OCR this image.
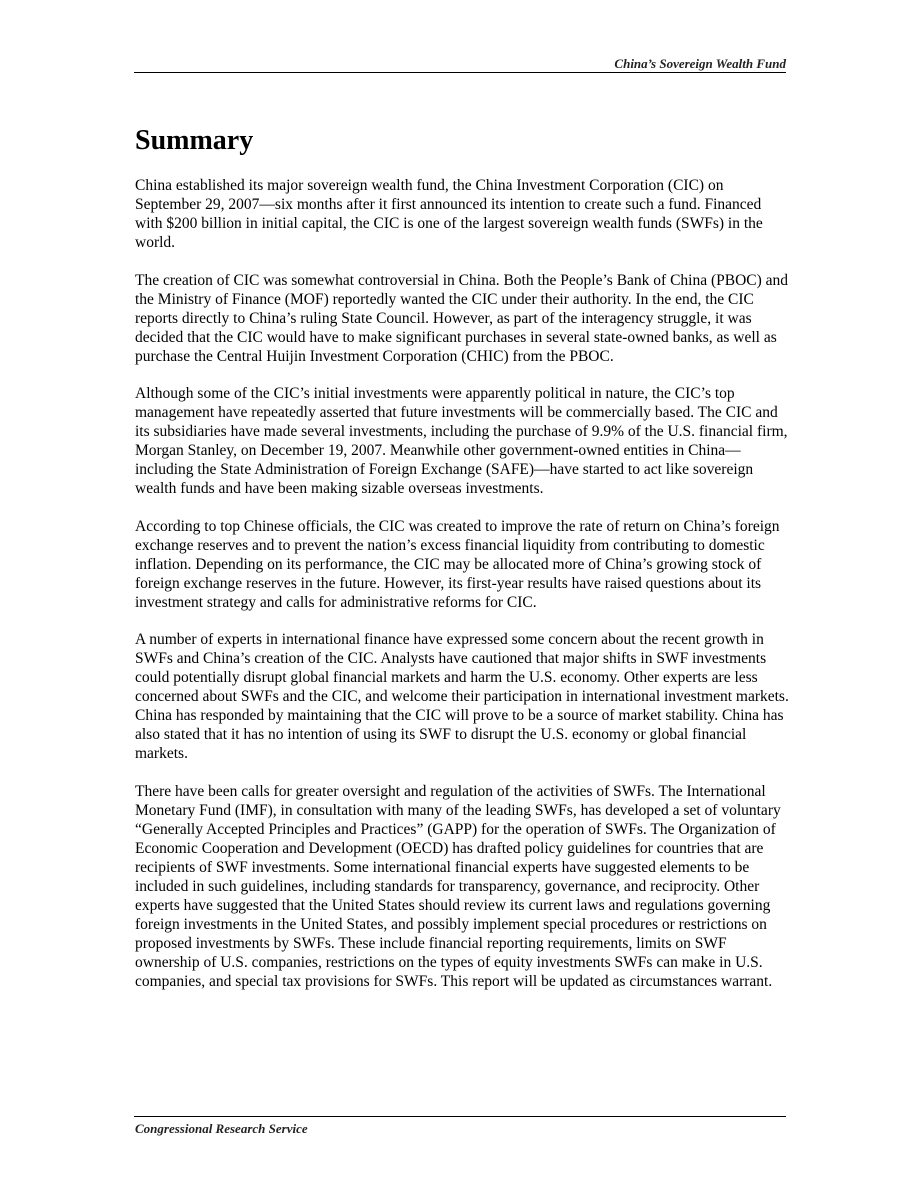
China’s Sovereign Wealth Fund
Summary

China established its major sovereign wealth fund, the China Investment Corporation (CIC) on September 29, 2007—six months after it first announced its intention to create such a fund. Financed with $200 billion in initial capital, the CIC is one of the largest sovereign wealth funds (SWFs) in the world.

The creation of CIC was somewhat controversial in China. Both the People’s Bank of China (PBOC) and the Ministry of Finance (MOF) reportedly wanted the CIC under their authority. In the end, the CIC reports directly to China’s ruling State Council. However, as part of the interagency struggle, it was decided that the CIC would have to make significant purchases in several state-owned banks, as well as purchase the Central Huijin Investment Corporation (CHIC) from the PBOC.

Although some of the CIC’s initial investments were apparently political in nature, the CIC’s top management have repeatedly asserted that future investments will be commercially based. The CIC and its subsidiaries have made several investments, including the purchase of 9.9% of the U.S. financial firm, Morgan Stanley, on December 19, 2007. Meanwhile other government-owned entities in China—including the State Administration of Foreign Exchange (SAFE)—have started to act like sovereign wealth funds and have been making sizable overseas investments.

According to top Chinese officials, the CIC was created to improve the rate of return on China’s foreign exchange reserves and to prevent the nation’s excess financial liquidity from contributing to domestic inflation. Depending on its performance, the CIC may be allocated more of China’s growing stock of foreign exchange reserves in the future. However, its first-year results have raised questions about its investment strategy and calls for administrative reforms for CIC.

A number of experts in international finance have expressed some concern about the recent growth in SWFs and China’s creation of the CIC. Analysts have cautioned that major shifts in SWF investments could potentially disrupt global financial markets and harm the U.S. economy. Other experts are less concerned about SWFs and the CIC, and welcome their participation in international investment markets. China has responded by maintaining that the CIC will prove to be a source of market stability. China has also stated that it has no intention of using its SWF to disrupt the U.S. economy or global financial markets.

There have been calls for greater oversight and regulation of the activities of SWFs. The International Monetary Fund (IMF), in consultation with many of the leading SWFs, has developed a set of voluntary “Generally Accepted Principles and Practices” (GAPP) for the operation of SWFs. The Organization of Economic Cooperation and Development (OECD) has drafted policy guidelines for countries that are recipients of SWF investments. Some international financial experts have suggested elements to be included in such guidelines, including standards for transparency, governance, and reciprocity. Other experts have suggested that the United States should review its current laws and regulations governing foreign investments in the United States, and possibly implement special procedures or restrictions on proposed investments by SWFs. These include financial reporting requirements, limits on SWF ownership of U.S. companies, restrictions on the types of equity investments SWFs can make in U.S. companies, and special tax provisions for SWFs. This report will be updated as circumstances warrant.

Congressional Research Service
